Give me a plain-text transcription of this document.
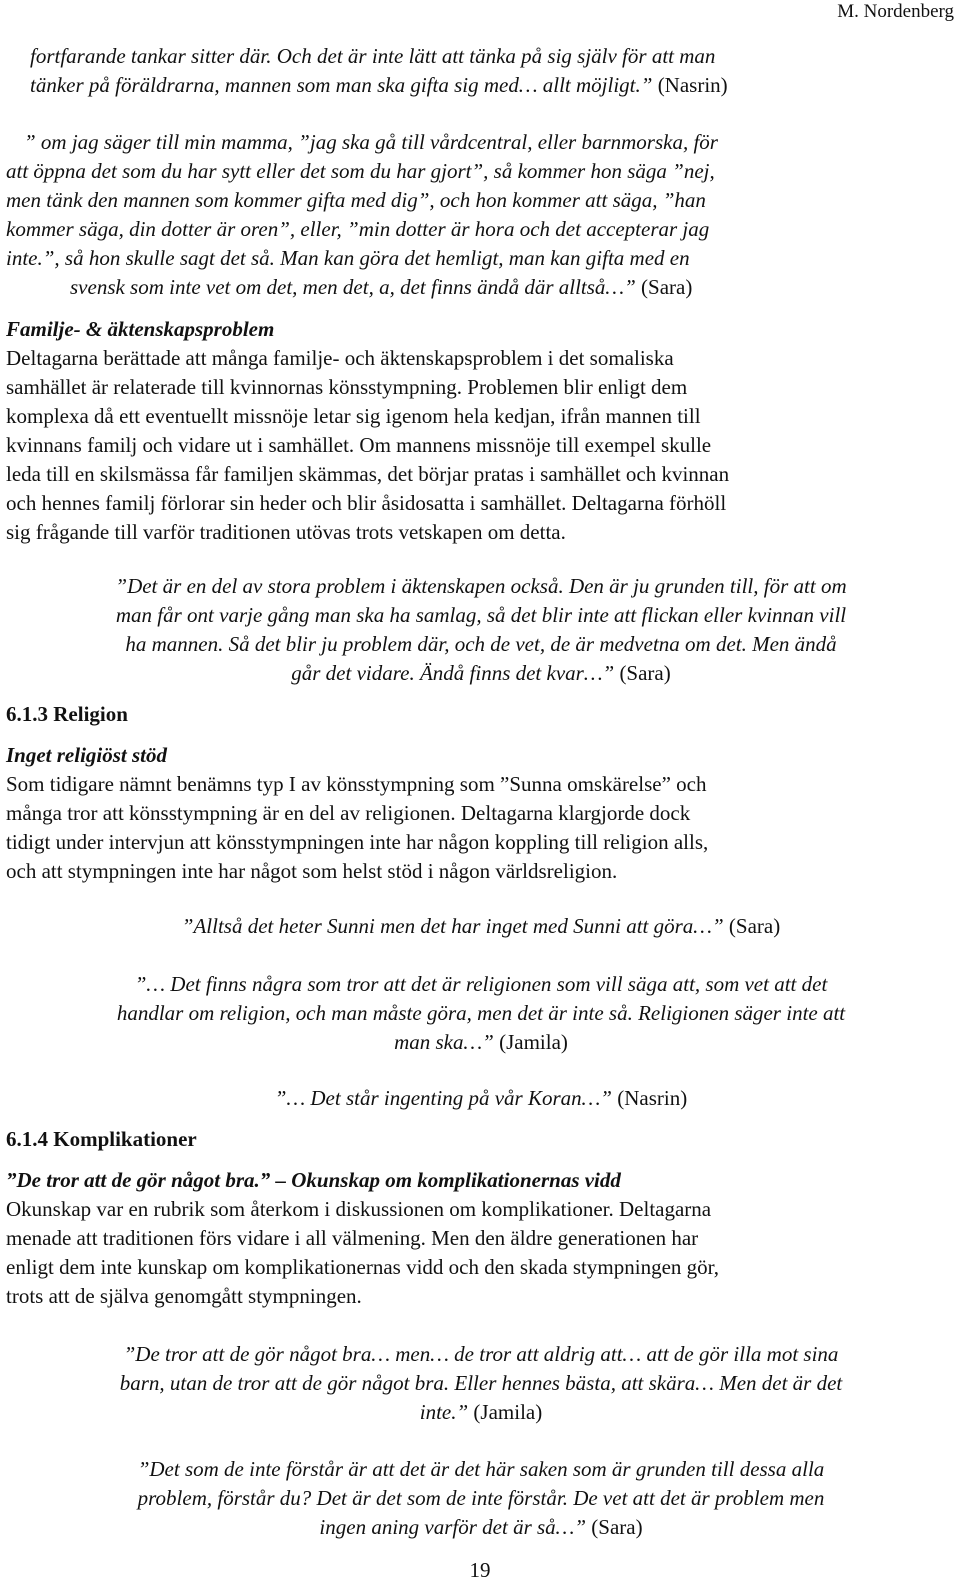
M. Nordenberg
fortfarande tankar sitter där. Och det är inte lätt att tänka på sig själv för att man
tänker på föräldrarna, mannen som man ska gifta sig med… allt möjligt.” (Nasrin)
” om jag säger till min mamma, ”jag ska gå till vårdcentral, eller barnmorska, för
att öppna det som du har sytt eller det som du har gjort”, så kommer hon säga ”nej,
men tänk den mannen som kommer gifta med dig”, och hon kommer att säga, ”han
kommer säga, din dotter är oren”, eller, ”min dotter är hora och det accepterar jag
inte.”, så hon skulle sagt det så. Man kan göra det hemligt, man kan gifta med en
svensk som inte vet om det, men det, a, det finns ändå där alltså…” (Sara)
Familje- & äktenskapsproblem
Deltagarna berättade att många familje- och äktenskapsproblem i det somaliska
samhället är relaterade till kvinnornas könsstympning. Problemen blir enligt dem
komplexa då ett eventuellt missnöje letar sig igenom hela kedjan, ifrån mannen till
kvinnans familj och vidare ut i samhället. Om mannens missnöje till exempel skulle
leda till en skilsmässa får familjen skämmas, det börjar pratas i samhället och kvinnan
och hennes familj förlorar sin heder och blir åsidosatta i samhället. Deltagarna förhöll
sig frågande till varför traditionen utövas trots vetskapen om detta.
”Det är en del av stora problem i äktenskapen också. Den är ju grunden till, för att om
man får ont varje gång man ska ha samlag, så det blir inte att flickan eller kvinnan vill
ha mannen. Så det blir ju problem där, och de vet, de är medvetna om det. Men ändå
går det vidare. Ändå finns det kvar…” (Sara)
6.1.3 Religion
Inget religiöst stöd
Som tidigare nämnt benämns typ I av könsstympning som ”Sunna omskärelse” och
många tror att könsstympning är en del av religionen. Deltagarna klargjorde dock
tidigt under intervjun att könsstympningen inte har någon koppling till religion alls,
och att stympningen inte har något som helst stöd i någon världsreligion.
”Alltså det heter Sunni men det har inget med Sunni att göra…” (Sara)
”… Det finns några som tror att det är religionen som vill säga att, som vet att det
handlar om religion, och man måste göra, men det är inte så. Religionen säger inte att
man ska…” (Jamila)
”… Det står ingenting på vår Koran…” (Nasrin)
6.1.4 Komplikationer
”De tror att de gör något bra.” – Okunskap om komplikationernas vidd
Okunskap var en rubrik som återkom i diskussionen om komplikationer. Deltagarna
menade att traditionen förs vidare i all välmening. Men den äldre generationen har
enligt dem inte kunskap om komplikationernas vidd och den skada stympningen gör,
trots att de själva genomgått stympningen.
”De tror att de gör något bra… men… de tror att aldrig att… att de gör illa mot sina
barn, utan de tror att de gör något bra. Eller hennes bästa, att skära… Men det är det
inte.” (Jamila)
”Det som de inte förstår är att det är det här saken som är grunden till dessa alla
problem, förstår du? Det är det som de inte förstår. De vet att det är problem men
ingen aning varför det är så…” (Sara)
19
